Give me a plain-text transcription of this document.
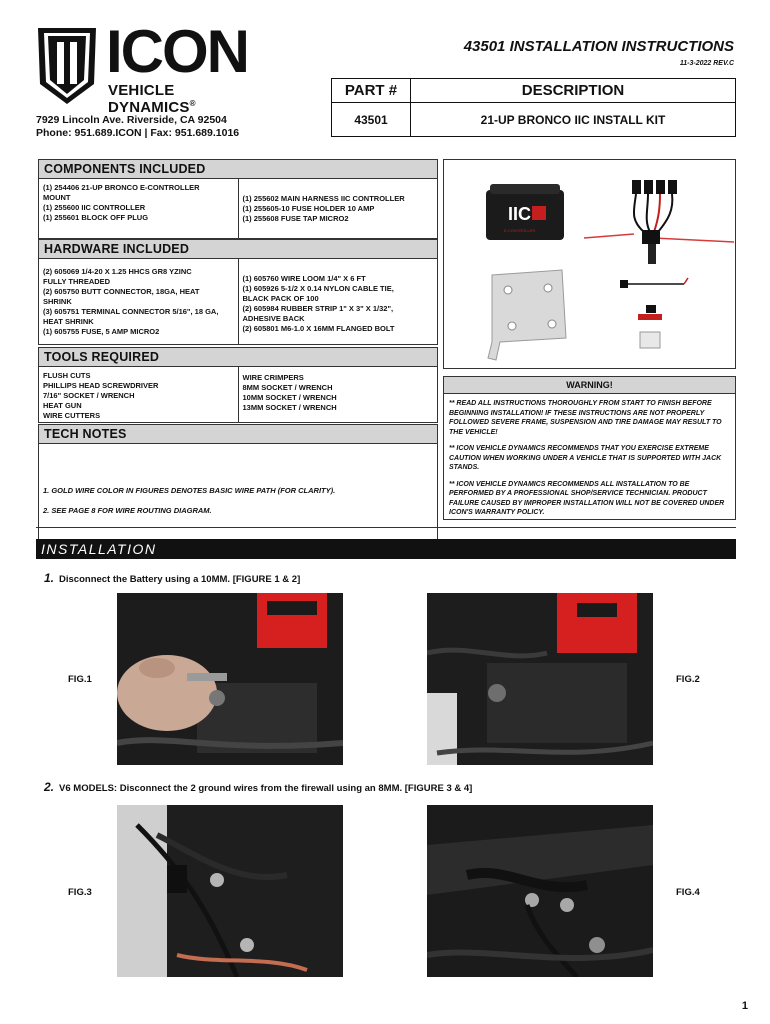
ICON
VEHICLE DYNAMICS®
7929 Lincoln Ave. Riverside, CA 92504
Phone: 951.689.ICON | Fax: 951.689.1016
43501 INSTALLATION INSTRUCTIONS
11-3-2022 REV.C
PART #	DESCRIPTION
43501	21-UP BRONCO IIC INSTALL KIT
COMPONENTS INCLUDED
(1) 254406 21-UP BRONCO E-CONTROLLER
MOUNT
(1) 255600 IIC CONTROLLER
(1) 255601 BLOCK OFF PLUG
(1) 255602 MAIN HARNESS IIC CONTROLLER
(1) 255605-10 FUSE HOLDER 10 AMP
(1) 255608 FUSE TAP MICRO2
HARDWARE INCLUDED
(2) 605069 1/4-20 X 1.25 HHCS GR8 YZINC
FULLY THREADED
(2) 605750 BUTT CONNECTOR, 18GA, HEAT
SHRINK
(3) 605751 TERMINAL CONNECTOR 5/16", 18 GA,
HEAT SHRINK
(1) 605755 FUSE, 5 AMP MICRO2
(1) 605760 WIRE LOOM 1/4" X 6 FT
(1) 605926 5-1/2 X 0.14 NYLON CABLE TIE,
BLACK PACK OF 100
(2) 605984 RUBBER STRIP 1" X 3" X 1/32",
ADHESIVE BACK
(2) 605801 M6-1.0 X 16MM FLANGED BOLT
TOOLS REQUIRED
FLUSH CUTS
PHILLIPS HEAD SCREWDRIVER
7/16" SOCKET / WRENCH
HEAT GUN
WIRE CUTTERS
WIRE CRIMPERS
8MM SOCKET / WRENCH
10MM SOCKET / WRENCH
13MM SOCKET / WRENCH
TECH NOTES

1. GOLD WIRE COLOR IN FIGURES DENOTES BASIC WIRE PATH (FOR CLARITY).

2. SEE PAGE 8 FOR WIRE ROUTING DIAGRAM.

IIC
E-CONTROLLER
WARNING!

** READ ALL INSTRUCTIONS THOROUGHLY FROM START TO FINISH BEFORE BEGINNING INSTALLATION! IF THESE INSTRUCTIONS ARE NOT PROPERLY FOLLOWED SEVERE FRAME, SUSPENSION AND TIRE DAMAGE MAY RESULT TO THE VEHICLE!

** ICON VEHICLE DYNAMICS RECOMMENDS THAT YOU EXERCISE EXTREME CAUTION WHEN WORKING UNDER A VEHICLE THAT IS SUPPORTED WITH JACK STANDS.

** ICON VEHICLE DYNAMICS RECOMMENDS ALL INSTALLATION TO BE PERFORMED BY A PROFESSIONAL SHOP/SERVICE TECHNICIAN. PRODUCT FAILURE CAUSED BY IMPROPER INSTALLATION WILL NOT BE COVERED UNDER ICON'S WARRANTY POLICY.

INSTALLATION
1. Disconnect the Battery using a 10MM. [FIGURE 1 & 2]
FIG.1	FIG.2
2. V6 MODELS: Disconnect the 2 ground wires from the firewall using an 8MM. [FIGURE 3 & 4]
FIG.3	FIG.4
1
